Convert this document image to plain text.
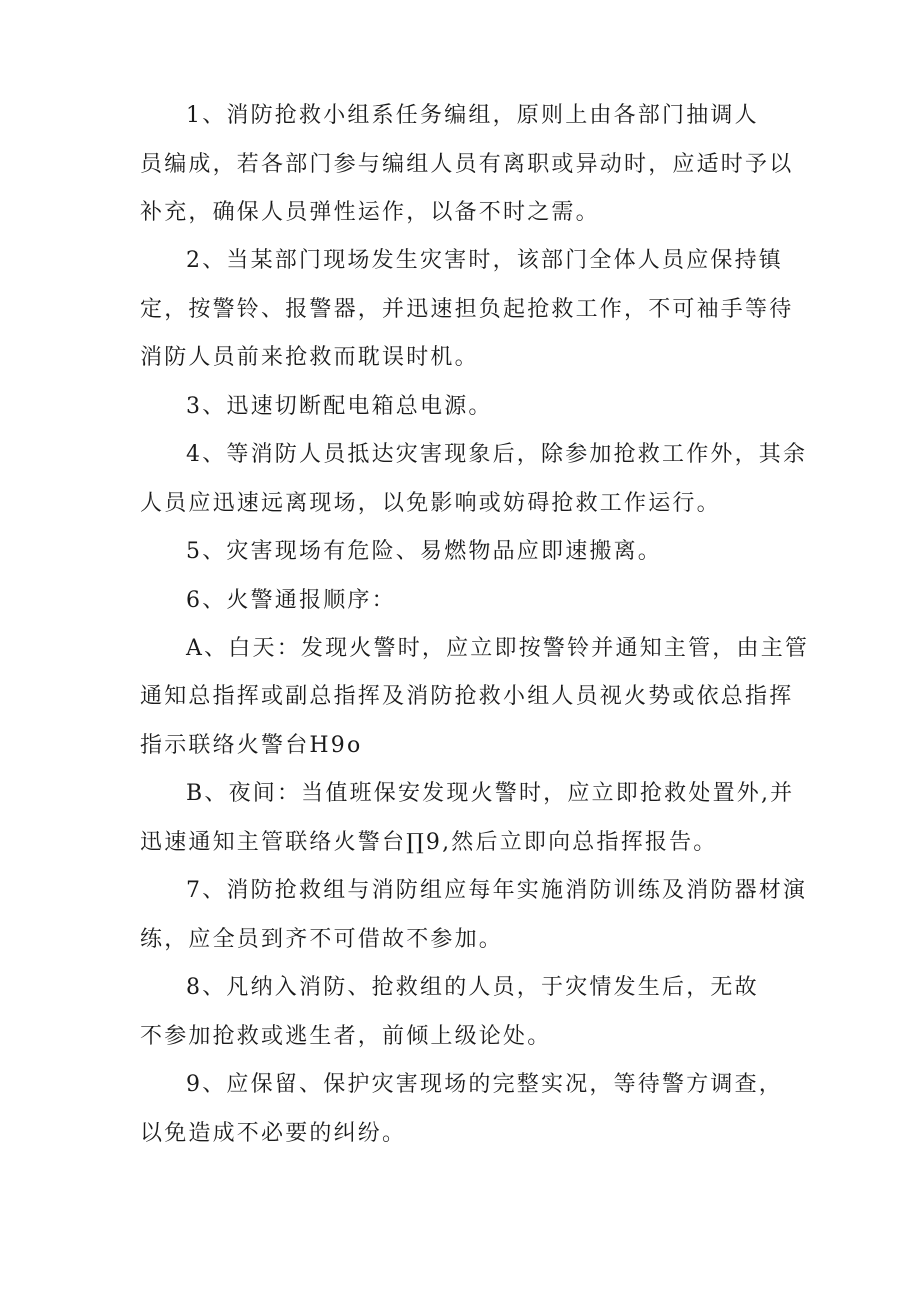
1、消防抢救小组系任务编组，原则上由各部门抽调人
员编成，若各部门参与编组人员有离职或异动时，应适时予以
补充，确保人员弹性运作，以备不时之需。
2、当某部门现场发生灾害时，该部门全体人员应保持镇
定，按警铃、报警器，并迅速担负起抢救工作，不可袖手等待
消防人员前来抢救而耽误时机。
3、迅速切断配电箱总电源。
4、等消防人员抵达灾害现象后，除参加抢救工作外，其余
人员应迅速远离现场，以免影响或妨碍抢救工作运行。
5、灾害现场有危险、易燃物品应即速搬离。
6、火警通报顺序：
A、白天：发现火警时，应立即按警铃并通知主管，由主管
通知总指挥或副总指挥及消防抢救小组人员视火势或依总指挥
指示联络火警台H9o
B、夜间：当值班保安发现火警时，应立即抢救处置外,并
迅速通知主管联络火警台∏9,然后立即向总指挥报告。
7、消防抢救组与消防组应每年实施消防训练及消防器材演
练，应全员到齐不可借故不参加。
8、凡纳入消防、抢救组的人员，于灾情发生后，无故
不参加抢救或逃生者，前倾上级论处。
9、应保留、保护灾害现场的完整实况，等待警方调查，
以免造成不必要的纠纷。
